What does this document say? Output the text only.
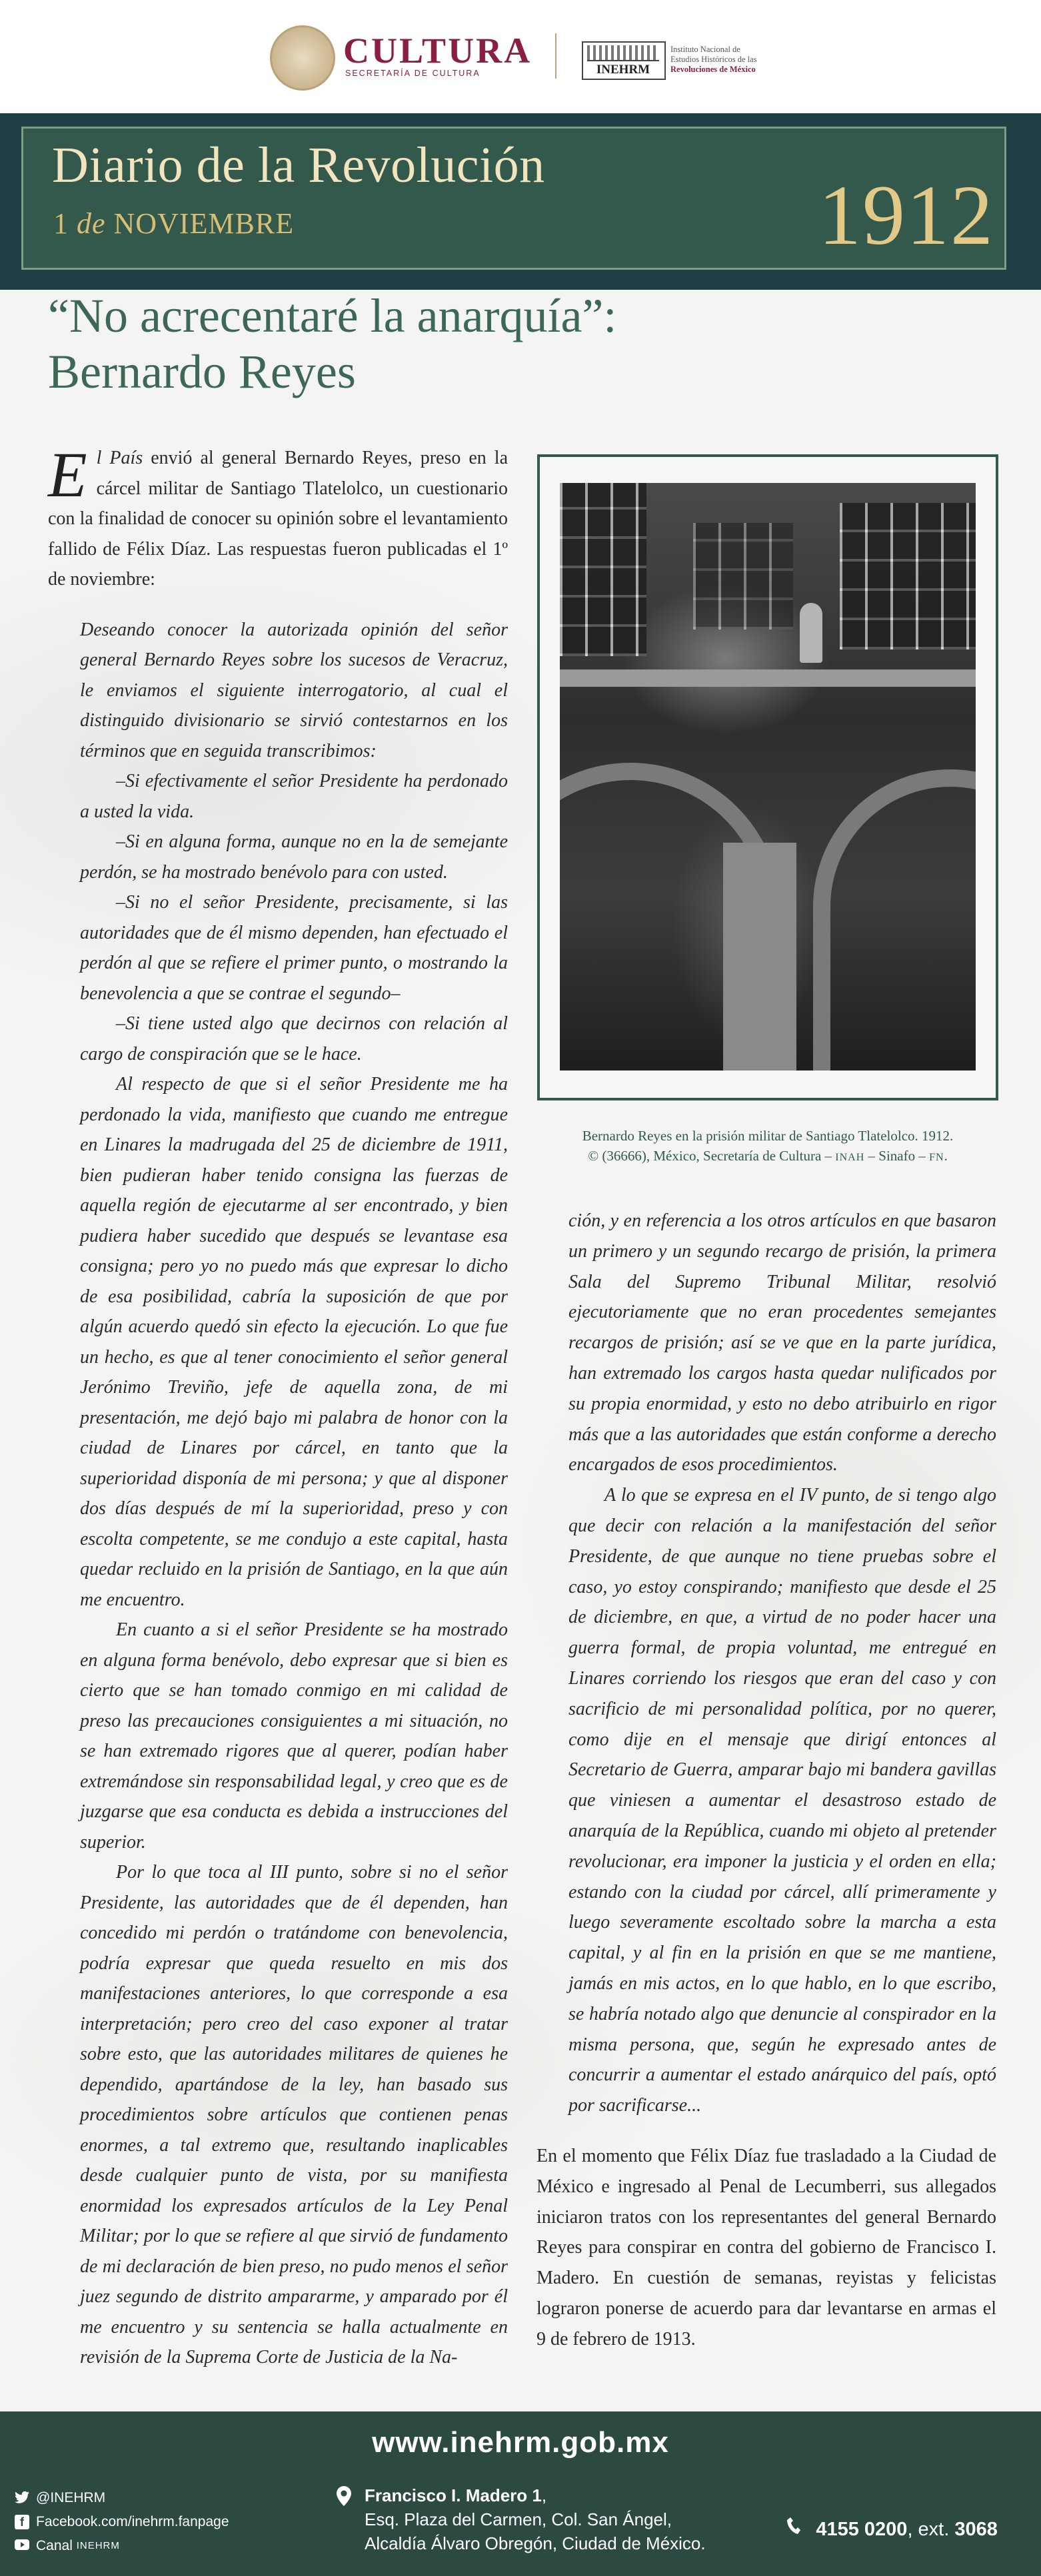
CULTURA
SECRETARÍA DE CULTURA	INEHRM
Instituto Nacional de
Estudios Históricos de las
Revoluciones de México
Diario de la Revolución
1 de NOVIEMBRE	1912
“No acrecentaré la anarquía”:
Bernardo Reyes

El País envió al general Bernardo Reyes, preso en la cárcel militar de Santiago Tlatelolco, un cuestionario con la finalidad de conocer su opinión sobre el levantamiento fallido de Félix Díaz. Las respuestas fueron publicadas el 1º de noviembre:

Deseando conocer la autorizada opinión del señor general Bernardo Reyes sobre los sucesos de Veracruz, le enviamos el siguiente interrogatorio, al cual el distinguido divisionario se sirvió contestarnos en los términos que en seguida transcribimos:

–Si efectivamente el señor Presidente ha perdonado a usted la vida.

–Si en alguna forma, aunque no en la de semejante perdón, se ha mostrado benévolo para con usted.

–Si no el señor Presidente, precisamente, si las autoridades que de él mismo dependen, han efectuado el perdón al que se refiere el primer punto, o mostrando la benevolencia a que se contrae el segundo–

–Si tiene usted algo que decirnos con relación al cargo de conspiración que se le hace.

Al respecto de que si el señor Presidente me ha perdonado la vida, manifiesto que cuando me entregue en Linares la madrugada del 25 de diciembre de 1911, bien pudieran haber tenido consigna las fuerzas de aquella región de ejecutarme al ser encontrado, y bien pudiera haber sucedido que después se levantase esa consigna; pero yo no puedo más que expresar lo dicho de esa posibilidad, cabría la suposición de que por algún acuerdo quedó sin efecto la ejecución. Lo que fue un hecho, es que al tener conocimiento el señor general Jerónimo Treviño, jefe de aquella zona, de mi presentación, me dejó bajo mi palabra de honor con la ciudad de Linares por cárcel, en tanto que la superioridad disponía de mi persona; y que al disponer dos días después de mí la superioridad, preso y con escolta competente, se me condujo a este capital, hasta quedar recluido en la prisión de Santiago, en la que aún me encuentro.

En cuanto a si el señor Presidente se ha mostrado en alguna forma benévolo, debo expresar que si bien es cierto que se han tomado conmigo en mi calidad de preso las precauciones consiguientes a mi situación, no se han extremado rigores que al querer, podían haber extremándose sin responsabilidad legal, y creo que es de juzgarse que esa conducta es debida a instrucciones del superior.

Por lo que toca al III punto, sobre si no el señor Presidente, las autoridades que de él dependen, han concedido mi perdón o tratándome con benevolencia, podría expresar que queda resuelto en mis dos manifestaciones anteriores, lo que corresponde a esa interpretación; pero creo del caso exponer al tratar sobre esto, que las autoridades militares de quienes he dependido, apartándose de la ley, han basado sus procedimientos sobre artículos que contienen penas enormes, a tal extremo que, resultando inaplicables desde cualquier punto de vista, por su manifiesta enormidad los expresados artículos de la Ley Penal Militar; por lo que se refiere al que sirvió de fundamento de mi declaración de bien preso, no pudo menos el señor juez segundo de distrito ampararme, y amparado por él me encuentro y su sentencia se halla actualmente en revisión de la Suprema Corte de Justicia de la Na-

Bernardo Reyes en la prisión militar de Santiago Tlatelolco. 1912.
© (36666), México, Secretaría de Cultura – INAH – Sinafo – FN.

ción, y en referencia a los otros artículos en que basaron un primero y un segundo recargo de prisión, la primera Sala del Supremo Tribunal Militar, resolvió ejecutoriamente que no eran procedentes semejantes recargos de prisión; así se ve que en la parte jurídica, han extremado los cargos hasta quedar nulificados por su propia enormidad, y esto no debo atribuirlo en rigor más que a las autoridades que están conforme a derecho encargados de esos procedimientos.

A lo que se expresa en el IV punto, de si tengo algo que decir con relación a la manifestación del señor Presidente, de que aunque no tiene pruebas sobre el caso, yo estoy conspirando; manifiesto que desde el 25 de diciembre, en que, a virtud de no poder hacer una guerra formal, de propia voluntad, me entregué en Linares corriendo los riesgos que eran del caso y con sacrificio de mi personalidad política, por no querer, como dije en el mensaje que dirigí entonces al Secretario de Guerra, amparar bajo mi bandera gavillas que viniesen a aumentar el desastroso estado de anarquía de la República, cuando mi objeto al pretender revolucionar, era imponer la justicia y el orden en ella; estando con la ciudad por cárcel, allí primeramente y luego severamente escoltado sobre la marcha a esta capital, y al fin en la prisión en que se me mantiene, jamás en mis actos, en lo que hablo, en lo que escribo, se habría notado algo que denuncie al conspirador en la misma persona, que, según he expresado antes de concurrir a aumentar el estado anárquico del país, optó por sacrificarse...

En el momento que Félix Díaz fue trasladado a la Ciudad de México e ingresado al Penal de Lecumberri, sus allegados iniciaron tratos con los representantes del general Bernardo Reyes para conspirar en contra del gobierno de Francisco I. Madero. En cuestión de semanas, reyistas y felicistas lograron ponerse de acuerdo para dar levantarse en armas el 9 de febrero de 1913.

www.inehrm.gob.mx
@INEHRM
f Facebook.com/inehrm.fanpage
Canal
INEHRM
Francisco I. Madero 1,
Esq. Plaza del Carmen, Col. San Ángel,
Alcaldía Álvaro Obregón, Ciudad de México.
4155 0200, ext. 3068
